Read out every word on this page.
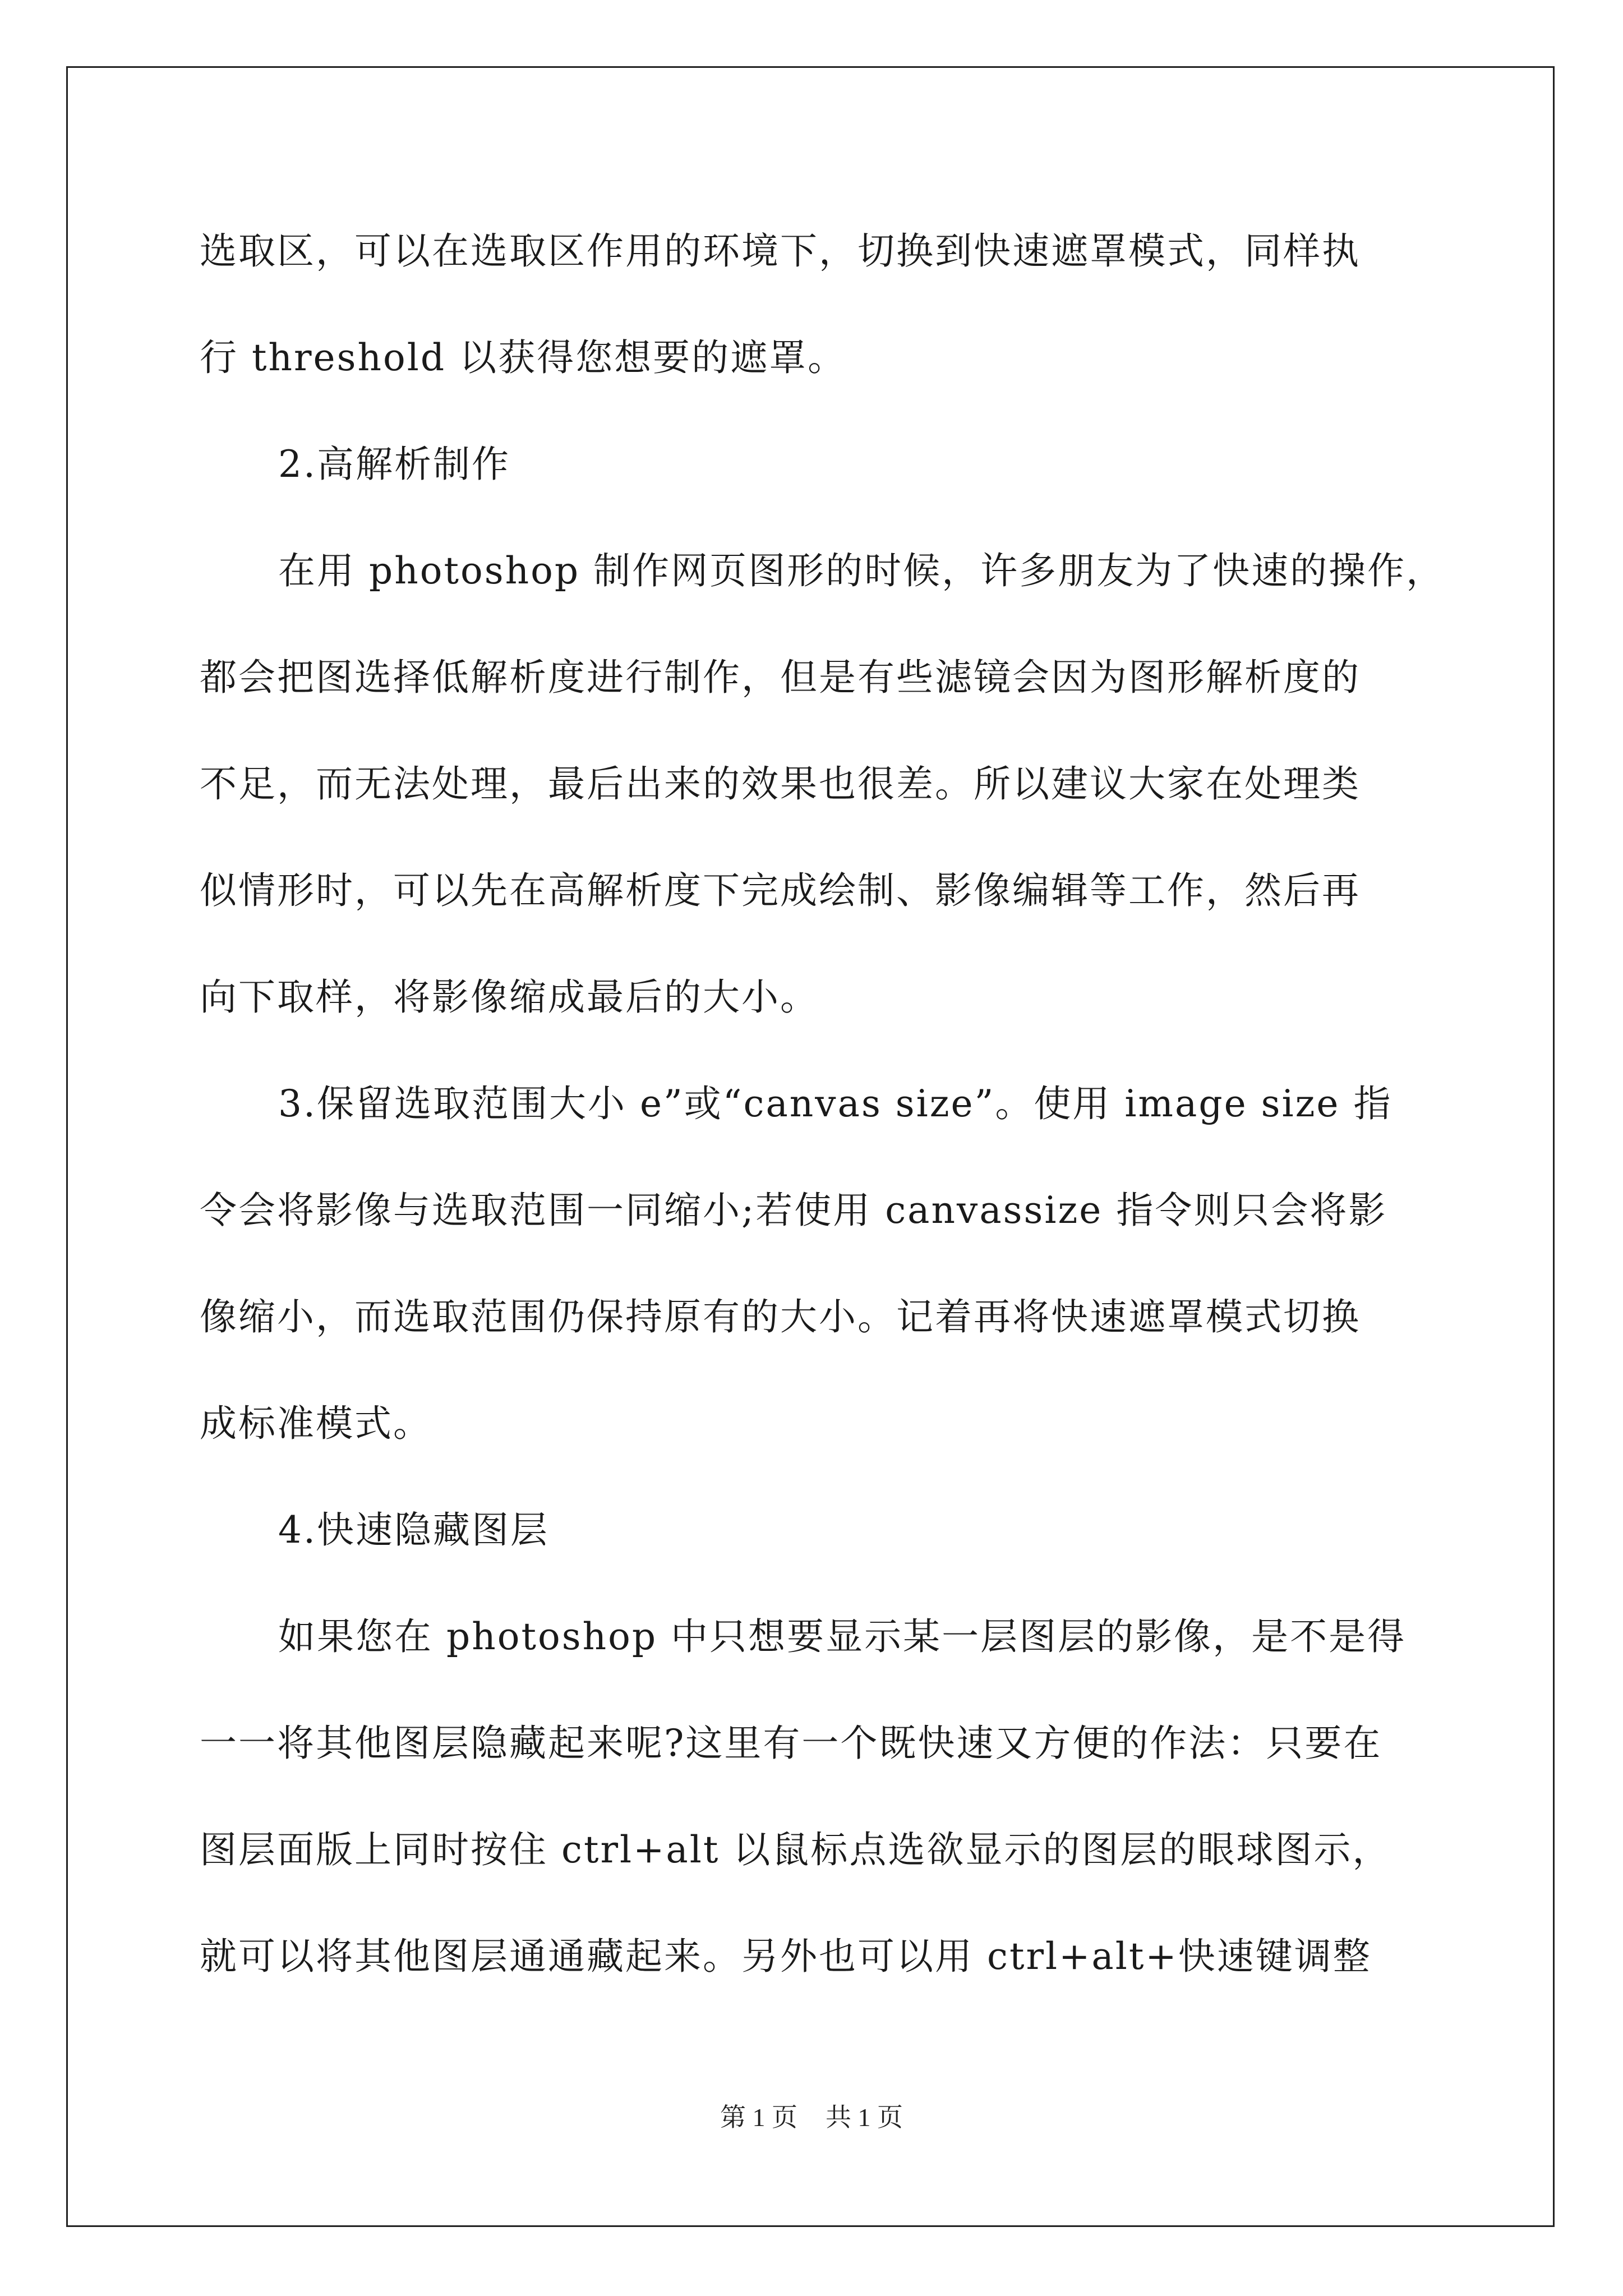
选取区，可以在选取区作用的环境下，切换到快速遮罩模式，同样执
行 threshold 以获得您想要的遮罩。
2.高解析制作
在用 photoshop 制作网页图形的时候，许多朋友为了快速的操作，
都会把图选择低解析度进行制作，但是有些滤镜会因为图形解析度的
不足，而无法处理，最后出来的效果也很差。所以建议大家在处理类
似情形时，可以先在高解析度下完成绘制、影像编辑等工作，然后再
向下取样，将影像缩成最后的大小。
3.保留选取范围大小 e”或“canvas size”。使用 image size 指
令会将影像与选取范围一同缩小;若使用 canvassize 指令则只会将影
像缩小，而选取范围仍保持原有的大小。记着再将快速遮罩模式切换
成标准模式。
4.快速隐藏图层
如果您在 photoshop 中只想要显示某一层图层的影像，是不是得
一一将其他图层隐藏起来呢?这里有一个既快速又方便的作法：只要在
图层面版上同时按住 ctrl+alt 以鼠标点选欲显示的图层的眼球图示，
就可以将其他图层通通藏起来。另外也可以用 ctrl+alt+快速键调整
第 1 页 共 1 页
